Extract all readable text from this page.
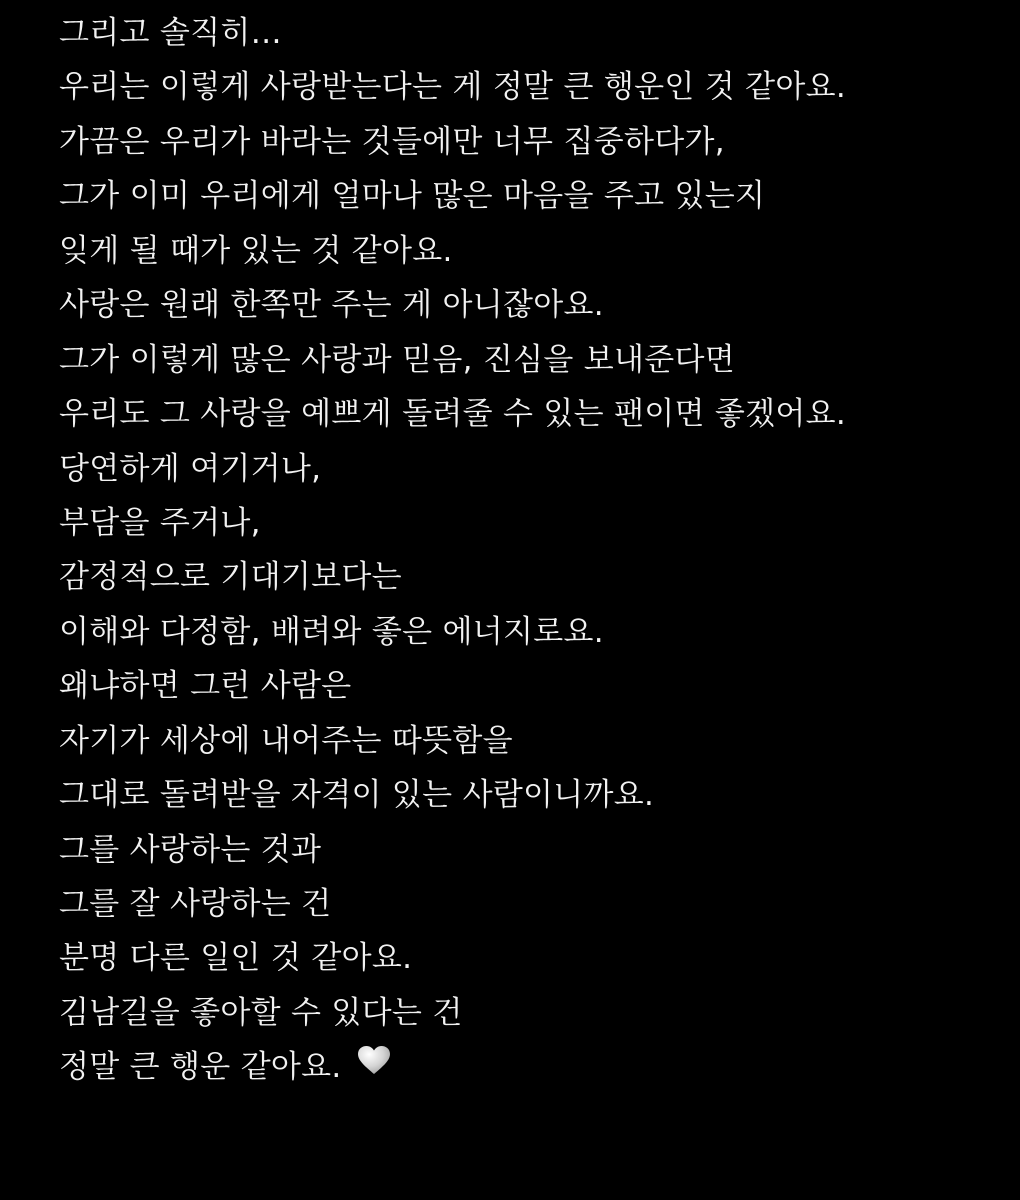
그리고 솔직히…
우리는 이렇게 사랑받는다는 게 정말 큰 행운인 것 같아요.
가끔은 우리가 바라는 것들에만 너무 집중하다가,
그가 이미 우리에게 얼마나 많은 마음을 주고 있는지
잊게 될 때가 있는 것 같아요.
사랑은 원래 한쪽만 주는 게 아니잖아요.
그가 이렇게 많은 사랑과 믿음, 진심을 보내준다면
우리도 그 사랑을 예쁘게 돌려줄 수 있는 팬이면 좋겠어요.
당연하게 여기거나,
부담을 주거나,
감정적으로 기대기보다는
이해와 다정함, 배려와 좋은 에너지로요.
왜냐하면 그런 사람은
자기가 세상에 내어주는 따뜻함을
그대로 돌려받을 자격이 있는 사람이니까요.
그를 사랑하는 것과
그를 잘 사랑하는 건
분명 다른 일인 것 같아요.
김남길을 좋아할 수 있다는 건
정말 큰 행운 같아요.
